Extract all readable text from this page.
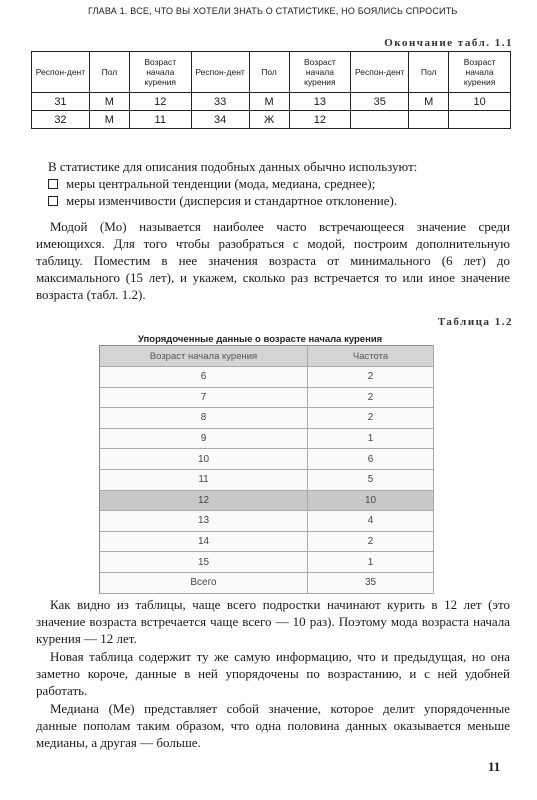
ГЛАВА 1. ВСЕ, ЧТО ВЫ ХОТЕЛИ ЗНАТЬ О СТАТИСТИКЕ, НО БОЯЛИСЬ СПРОСИТЬ
Окончание табл. 1.1
Респон-дент	Пол	Возраст начала курения	Респон-дент	Пол	Возраст начала курения	Респон-дент	Пол	Возраст начала курения
31	М	12	33	М	13	35	М	10
32	М	11	34	Ж	12			
В статистике для описания подобных данных обычно используют:
меры центральной тенденции (мода, медиана, среднее);
меры изменчивости (дисперсия и стандартное отклонение).
Модой (Mo) называется наиболее часто встречающееся значение среди имеющихся. Для того чтобы разобраться с модой, построим дополнительную таблицу. Поместим в нее значения возраста от минимального (6 лет) до максимального (15 лет), и укажем, сколько раз встречается то или иное значение возраста (табл. 1.2).
Таблица 1.2
Упорядоченные данные о возрасте начала курения
Возраст начала курения	Частота
6	2
7	2
8	2
9	1
10	6
11	5
12	10
13	4
14	2
15	1
Всего	35
Как видно из таблицы, чаще всего подростки начинают курить в 12 лет (это значение возраста встречается чаще всего — 10 раз). Поэтому мода возраста начала курения — 12 лет.
Новая таблица содержит ту же самую информацию, что и предыдущая, но она заметно короче, данные в ней упорядочены по возрастанию, и с ней удобней работать.
Медиана (Me) представляет собой значение, которое делит упорядоченные данные пополам таким образом, что одна половина данных оказывается меньше медианы, а другая — больше.
11
